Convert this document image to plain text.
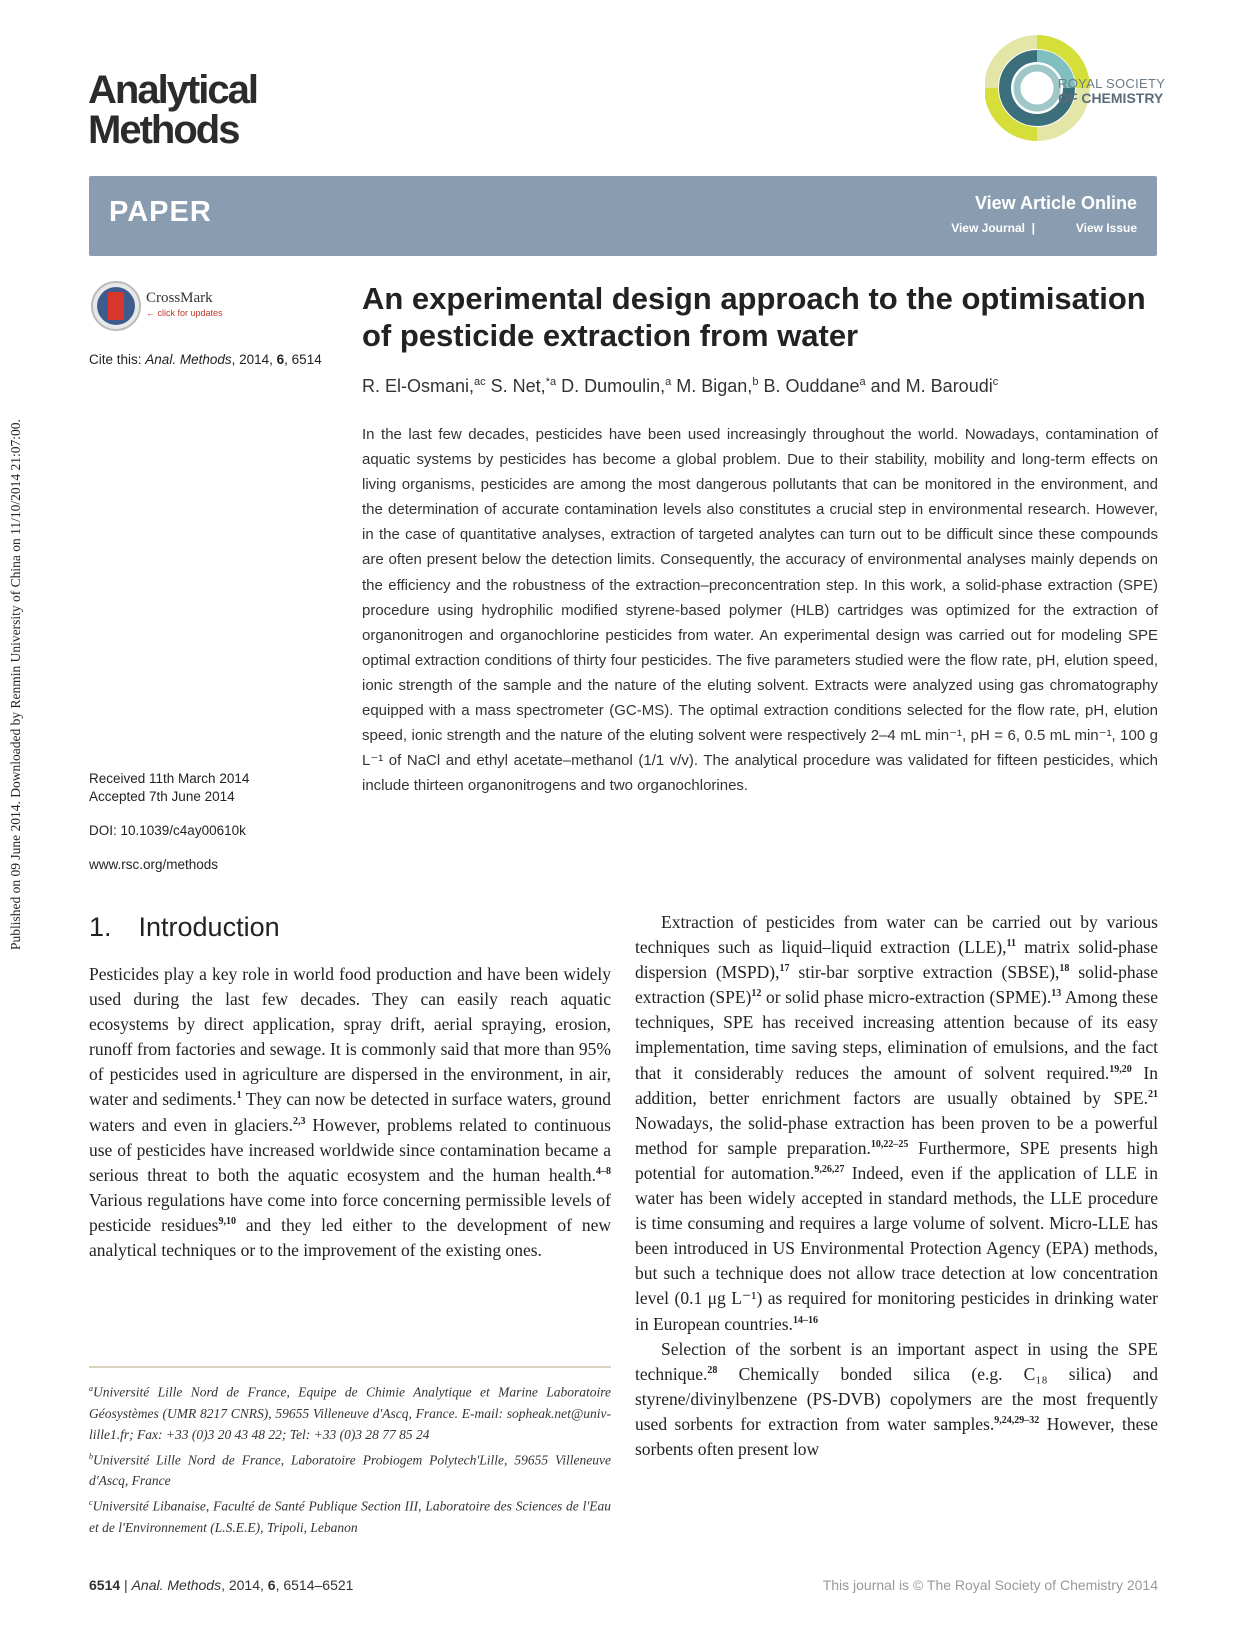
Published on 09 June 2014. Downloaded by Renmin University of China on 11/10/2014 21:07:00.
Analytical
Methods
ROYAL SOCIETY
OF CHEMISTRY
PAPER	View Article Online
View Journal |	View Issue
CrossMark
← click for updates
Cite this: Anal. Methods, 2014, 6, 6514
An experimental design approach to the optimisation of pesticide extraction from water
R. El-Osmani,$^{ac}$ S. Net,$^{*a}$ D. Dumoulin,$^a$ M. Bigan,$^b$ B. Ouddane$^a$ and M. Baroudi$^c$

In the last few decades, pesticides have been used increasingly throughout the world. Nowadays, contamination of aquatic systems by pesticides has become a global problem. Due to their stability, mobility and long-term effects on living organisms, pesticides are among the most dangerous pollutants that can be monitored in the environment, and the determination of accurate contamination levels also constitutes a crucial step in environmental research. However, in the case of quantitative analyses, extraction of targeted analytes can turn out to be difficult since these compounds are often present below the detection limits. Consequently, the accuracy of environmental analyses mainly depends on the efficiency and the robustness of the extraction–preconcentration step. In this work, a solid-phase extraction (SPE) procedure using hydrophilic modified styrene-based polymer (HLB) cartridges was optimized for the extraction of organonitrogen and organochlorine pesticides from water. An experimental design was carried out for modeling SPE optimal extraction conditions of thirty four pesticides. The five parameters studied were the flow rate, pH, elution speed, ionic strength of the sample and the nature of the eluting solvent. Extracts were analyzed using gas chromatography equipped with a mass spectrometer (GC-MS). The optimal extraction conditions selected for the flow rate, pH, elution speed, ionic strength and the nature of the eluting solvent were respectively 2–4 mL min⁻¹, pH = 6, 0.5 mL min⁻¹, 100 g L⁻¹ of NaCl and ethyl acetate–methanol (1/1 v/v). The analytical procedure was validated for fifteen pesticides, which include thirteen organonitrogens and two organochlorines.

Received 11th March 2014
Accepted 7th June 2014
DOI: 10.1039/c4ay00610k
www.rsc.org/methods
1. Introduction

Pesticides play a key role in world food production and have been widely used during the last few decades. They can easily reach aquatic ecosystems by direct application, spray drift, aerial spraying, erosion, runoff from factories and sewage. It is commonly said that more than 95% of pesticides used in agriculture are dispersed in the environment, in air, water and sediments.$^1$ They can now be detected in surface waters, ground waters and even in glaciers.$^{2,3}$ However, problems related to continuous use of pesticides have increased worldwide since contamination became a serious threat to both the aquatic ecosystem and the human health.$^{4-8}$ Various regulations have come into force concerning permissible levels of pesticide residues$^{9,10}$ and they led either to the development of new analytical techniques or to the improvement of the existing ones.

Extraction of pesticides from water can be carried out by various techniques such as liquid–liquid extraction (LLE),$^{11}$ matrix solid-phase dispersion (MSPD),$^{17}$ stir-bar sorptive extraction (SBSE),$^{18}$ solid-phase extraction (SPE)$^{12}$ or solid phase micro-extraction (SPME).$^{13}$ Among these techniques, SPE has received increasing attention because of its easy implementation, time saving steps, elimination of emulsions, and the fact that it considerably reduces the amount of solvent required.$^{19,20}$ In addition, better enrichment factors are usually obtained by SPE.$^{21}$ Nowadays, the solid-phase extraction has been proven to be a powerful method for sample preparation.$^{10,22-25}$ Furthermore, SPE presents high potential for automation.$^{9,26,27}$ Indeed, even if the application of LLE in water has been widely accepted in standard methods, the LLE procedure is time consuming and requires a large volume of solvent. Micro-LLE has been introduced in US Environmental Protection Agency (EPA) methods, but such a technique does not allow trace detection at low concentration level (0.1 μg L⁻¹) as required for monitoring pesticides in drinking water in European countries.$^{14-16}$

Selection of the sorbent is an important aspect in using the SPE technique.$^{28}$ Chemically bonded silica (e.g. C₁₈ silica) and styrene/divinylbenzene (PS-DVB) copolymers are the most frequently used sorbents for extraction from water samples.$^{9,24,29-32}$ However, these sorbents often present low

$^a$Université Lille Nord de France, Equipe de Chimie Analytique et Marine Laboratoire Géosystèmes (UMR 8217 CNRS), 59655 Villeneuve d'Ascq, France. E-mail: sopheak.net@univ-lille1.fr; Fax: +33 (0)3 20 43 48 22; Tel: +33 (0)3 28 77 85 24

$^b$Université Lille Nord de France, Laboratoire Probiogem Polytech'Lille, 59655 Villeneuve d'Ascq, France

$^c$Université Libanaise, Faculté de Santé Publique Section III, Laboratoire des Sciences de l'Eau et de l'Environnement (L.S.E.E), Tripoli, Lebanon

6514 | Anal. Methods, 2014, 6, 6514–6521	This journal is © The Royal Society of Chemistry 2014
